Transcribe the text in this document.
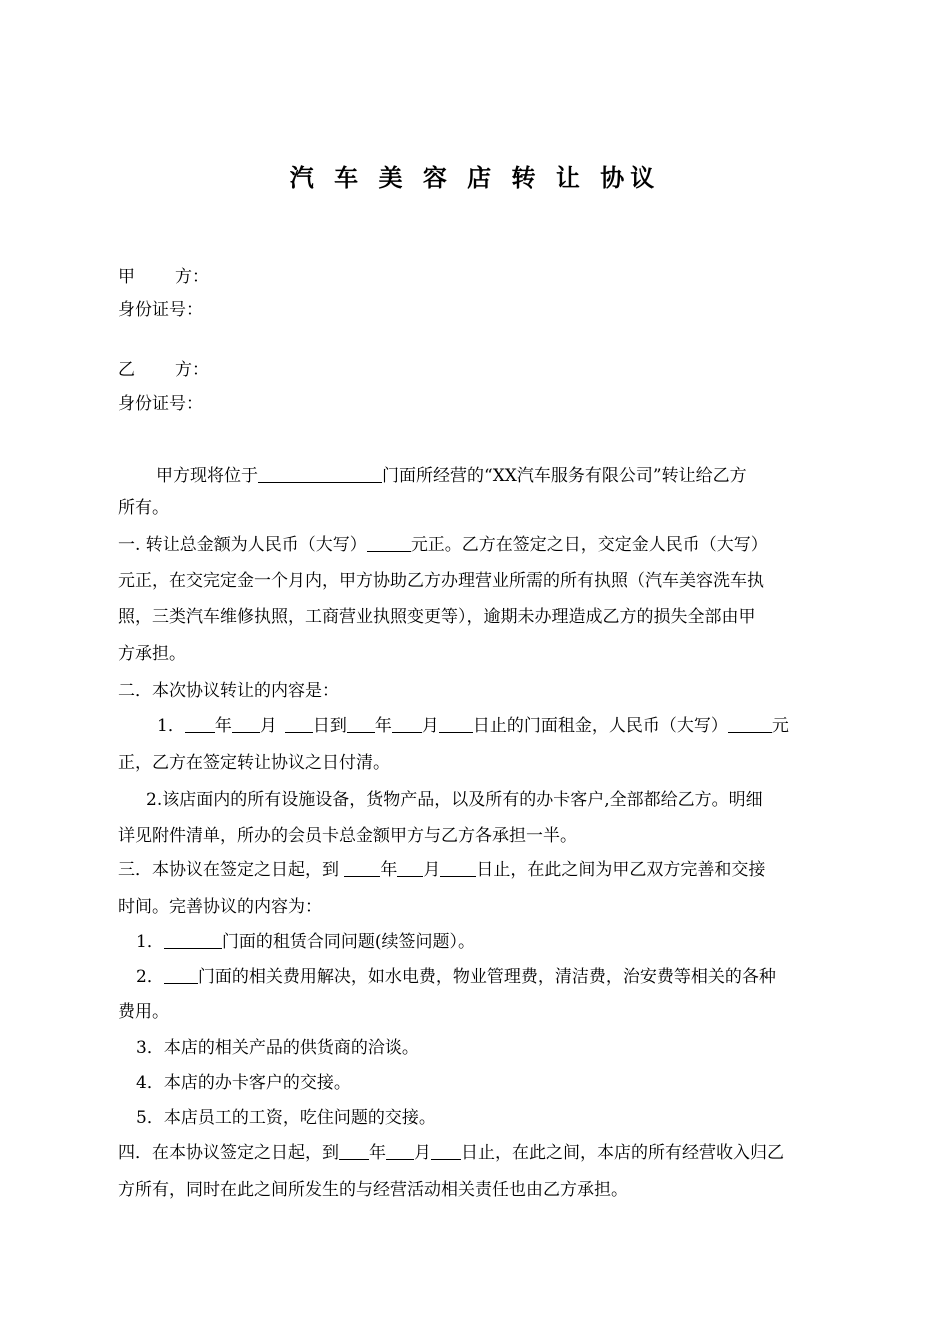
汽 车 美 容 店 转 让 协议
甲 方：
身份证号：
乙 方：
身份证号：
甲方现将位于	门面所经营的“XX汽车服务有限公司”转让给乙方
所有。
一. 转让总金额为人民币（大写）	元正。乙方在签定之日，交定金人民币（大写）
元正，在交完定金一个月内，甲方协助乙方办理营业所需的所有执照（汽车美容洗车执
照，三类汽车维修执照，工商营业执照变更等），逾期未办理造成乙方的损失全部由甲
方承担。
二．本次协议转让的内容是：
1． 年 月 日到 年 月 日止的门面租金，人民币（大写）	元
正，乙方在签定转让协议之日付清。
2.该店面内的所有设施设备，货物产品，以及所有的办卡客户,全部都给乙方。明细
详见附件清单，所办的会员卡总金额甲方与乙方各承担一半。
三．本协议在签定之日起，到 年 月 日止，在此之间为甲乙双方完善和交接
时间。完善协议的内容为：
1．	门面的租赁合同问题(续签问题）。
2． 门面的相关费用解决，如水电费，物业管理费，清洁费，治安费等相关的各种
费用。
3．本店的相关产品的供货商的洽谈。
4．本店的办卡客户的交接。
5．本店员工的工资，吃住问题的交接。
四．在本协议签定之日起，到 年 月 日止，在此之间，本店的所有经营收入归乙
方所有，同时在此之间所发生的与经营活动相关责任也由乙方承担。
